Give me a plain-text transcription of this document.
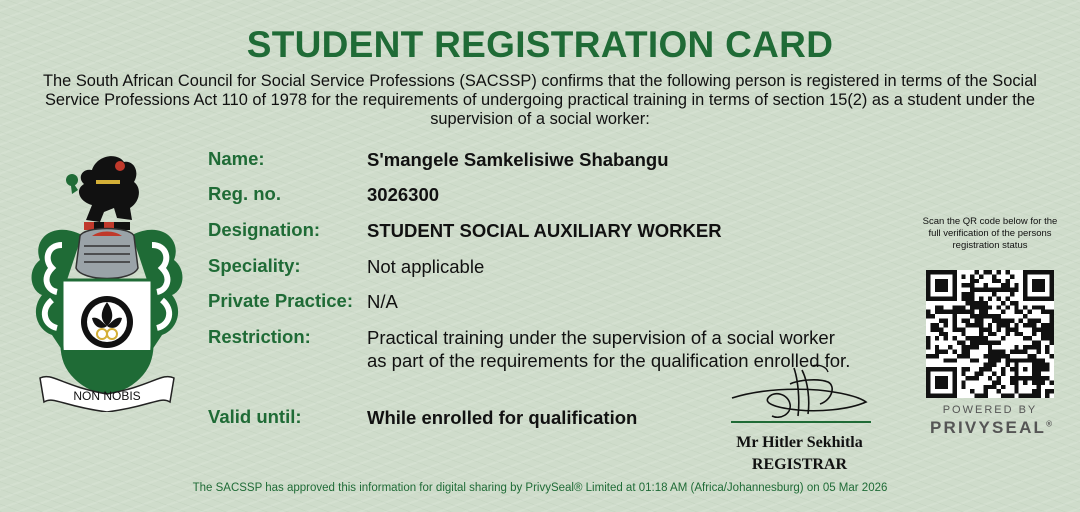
STUDENT REGISTRATION CARD
The South African Council for Social Service Professions (SACSSP) confirms that the following person is registered in terms of the Social Service Professions Act 110 of 1978 for the requirements of undergoing practical training in terms of section 15(2) as a student under the supervision of a social worker:
NON NOBIS
Name:	S'mangele Samkelisiwe Shabangu
Reg. no.	3026300
Designation:	STUDENT SOCIAL AUXILIARY WORKER
Speciality:	Not applicable
Private Practice: N/A
Restriction:	Practical training under the supervision of a social worker
as part of the requirements for the qualification enrolled for.
Valid until:	While enrolled for qualification
Mr Hitler Sekhitla
REGISTRAR
Scan the QR code below for the full verification of the persons registration status
POWERED BY
PRIVYSEAL®
The SACSSP has approved this information for digital sharing by PrivySeal® Limited at 01:18 AM (Africa/Johannesburg) on 05 Mar 2026
